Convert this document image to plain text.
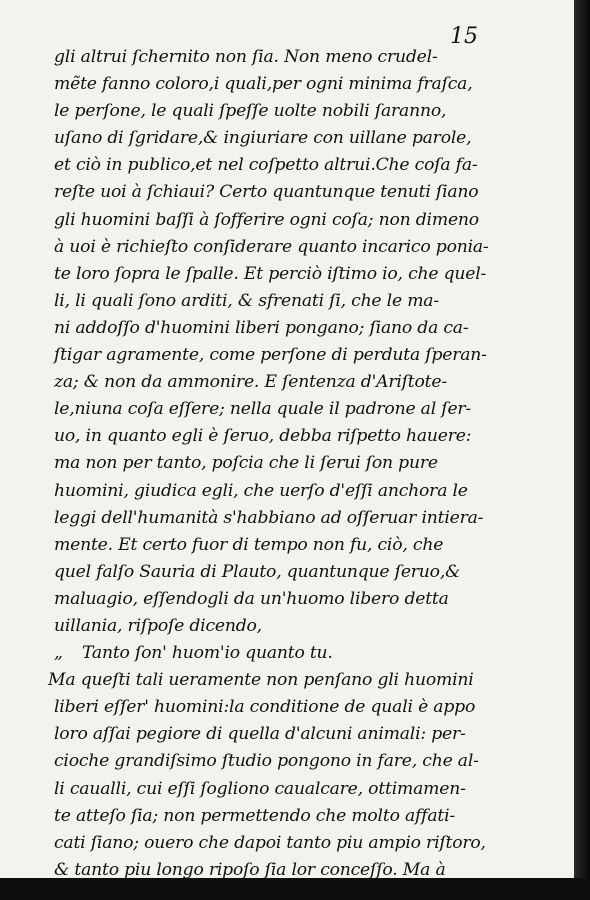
15
gli altrui ſchernito non ſia. Non meno crudel-
mẽte fanno coloro,i quali,per ogni minima fraſca,
le perſone, le quali ſpeſſe uolte nobili ſaranno,
uſano di ſgridare,& ingiuriare con uillane parole,
et ciò in publico,et nel coſpetto altrui.Che coſa fa-
reſte uoi à ſchiaui? Certo quantunque tenuti ſiano
gli huomini baſſi à ſofferire ogni coſa; non dimeno
à uoi è richieſto conſiderare quanto incarico ponia-
te loro ſopra le ſpalle. Et perciò iſtimo io, che quel-
li, li quali ſono arditi, & sfrenati ſi, che le ma-
ni addoſſo d'huomini liberi pongano; ſiano da ca-
ſtigar agramente, come perſone di perduta ſperan-
za; & non da ammonire. E ſentenza d'Ariſtote-
le,niuna coſa eſſere; nella quale il padrone al ſer-
uo, in quanto egli è ſeruo, debba riſpetto hauere:
ma non per tanto, poſcia che li ſerui ſon pure
huomini, giudica egli, che uerſo d'eſſi anchora le
leggi dell'humanità s'habbiano ad oſſeruar intiera-
mente. Et certo fuor di tempo non fu, ciò, che
quel falſo Sauria di Plauto, quantunque ſeruo,&
maluagio, eſſendogli da un'huomo libero detta
uillania, riſpoſe dicendo,
„ Tanto ſon' huom'io quanto tu.
Ma queſti tali ueramente non penſano gli huomini
liberi eſſer' huomini:la conditione de quali è appo
loro aſſai pegiore di quella d'alcuni animali: per-
cioche grandiſsimo ſtudio pongono in fare, che al-
li caualli, cui eſſi ſogliono caualcare, ottimamen-
te atteſo ſia; non permettendo che molto affati-
cati ſiano; ouero che dapoi tanto piu ampio riſtoro,
& tanto piu longo ripoſo ſia lor conceſſo. Ma à
